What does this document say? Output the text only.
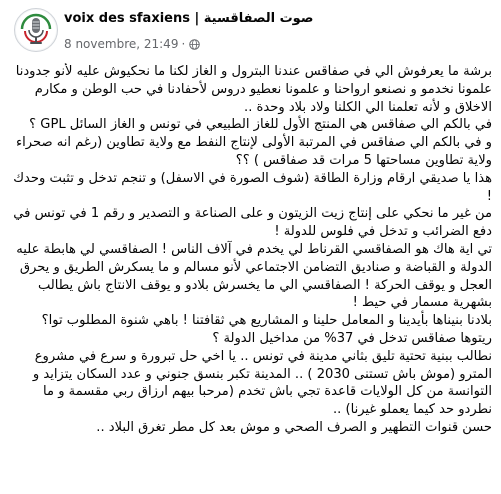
voix des sfaxiens | صوت الصفاقسية
8 novembre, 21:49 ·

برشة ما يعرفوش الي في صفاقس عندنا البترول و الغاز لكنا ما نحكيوش عليه لأنو جدودنا علمونا نخدمو و نصنعو ارواحنا و علمونا نعطيو دروس لأحفادنا في حب الوطن و مكارم الاخلاق و لأنه تعلمنا الي الكلنا ولاد بلاد وحدة ..

في بالكم الي صفاقس هي المنتج الأول للغاز الطبيعي في تونس و الغاز السائل GPL ؟

و في بالكم الي صفاقس في المرتبة الأولى لإنتاج النفط مع ولاية تطاوين (رغم انه صحراء ولاية تطاوين مساحتها 5 مرات قد صفاقس ) ؟؟

هذا يا صديقي ارقام وزارة الطاقة (شوف الصورة في الاسفل) و تنجم تدخل و تثبت وحدك !

من غير ما نحكي على إنتاج زيت الزيتون و على الصناعة و التصدير و رقم 1 في تونس في دفع الضرائب و تدخل في فلوس للدولة !

تي اية هاك هو الصفاقسي القرناط لي يخدم في آلاف الناس ! الصفاقسي لي هابطة عليه الدولة و القباضة و صناديق التضامن الاجتماعي لأنو مسالم و ما يسكرش الطريق و يحرق العجل و يوقف الحركة ! الصفاقسي الي ما يخسرش بلادو و يوقف الانتاج باش يطالب بشهرية مسمار في حيط !

بلادنا بنيناها بأيدينا و المعامل حلينا و المشاريع هي ثقافتنا ! باهي شنوة المطلوب توا؟

ريتوها صفاقس تدخل في 37% من مداخيل الدولة ؟

نطالب ببنية تحتية تليق بثاني مدينة في تونس .. يا اخي حل تبرورة و سرع في مشروع المترو (موش باش تستنى 2030 ) .. المدينة تكبر بنسق جنوني و عدد السكان يتزايد و التوانسة من كل الولايات قاعدة تجي باش تخدم (مرحبا بيهم ارزاق ربي مقسمة و ما نطردو حد كيما يعملو غيرنا) ..

حسن قنوات التطهير و الصرف الصحي و موش بعد كل مطر تغرق البلاد ..
